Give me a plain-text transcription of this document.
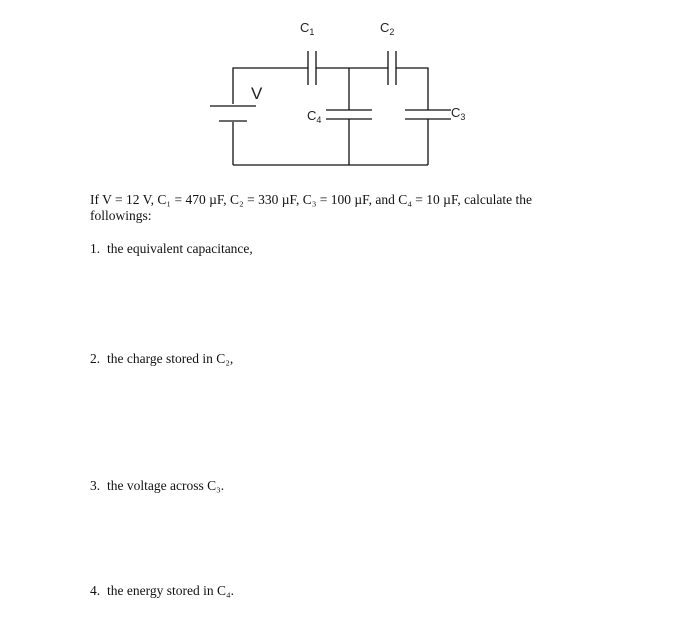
V
$C_1$	$C_2$
$C_4$	$C_3$

If V = 12 V, C₁ = 470 µF, C₂ = 330 µF, C₃ = 100 µF, and C₄ = 10 µF, calculate the followings:

1. the equivalent capacitance,

2. the charge stored in C₂,

3. the voltage across C₃.

4. the energy stored in C₄.
